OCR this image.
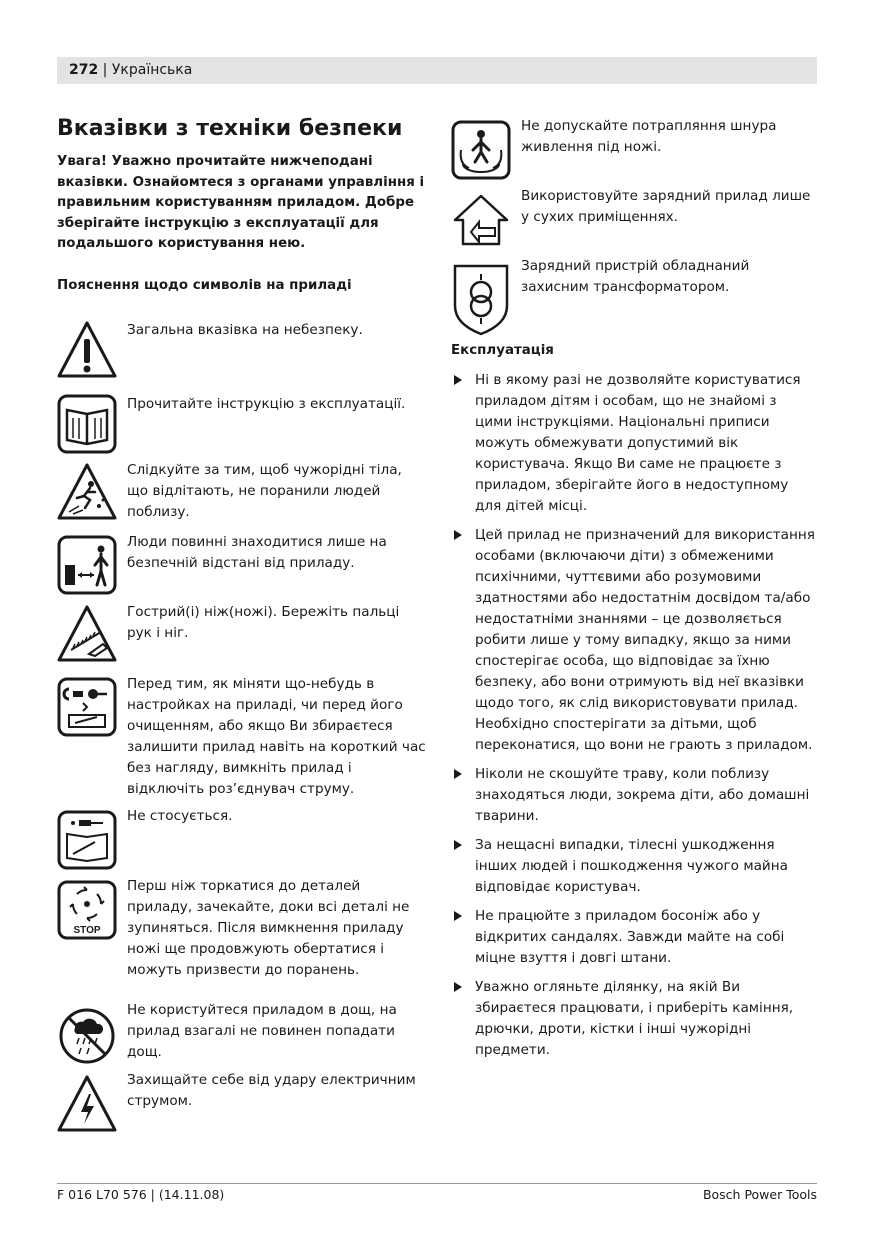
272 | Українська
Вказівки з техніки безпеки

Увага! Уважно прочитайте нижчеподані вказівки. Ознайомтеся з органами управління і правильним користуванням приладом. Добре зберігайте інструкцію з експлуатації для подальшого користування нею.

Пояснення щодо символів на приладі

Загальна вказівка на небезпеку.
Прочитайте інструкцію з експлуатації.
Слідкуйте за тим, щоб чужорідні тіла, що відлітають, не поранили людей поблизу.
Люди повинні знаходитися лише на безпечній відстані від приладу.
Гострий(і) ніж(ножі). Бережіть пальці рук і ніг.
Перед тим, як міняти що-небудь в настройках на приладі, чи перед його очищенням, або якщо Ви збираєтеся залишити прилад навіть на короткий час без нагляду, вимкніть прилад і відключіть роз’єднувач струму.
Не стосується.
STOP
Перш ніж торкатися до деталей приладу, зачекайте, доки всі деталі не зупиняться. Після вимкнення приладу ножі ще продовжують обертатися і можуть призвести до поранень.
Не користуйтеся приладом в дощ, на прилад взагалі не повинен попадати дощ.
Захищайте себе від удару електричним струмом.
Не допускайте потрапляння шнура живлення під ножі.
Використовуйте зарядний прилад лише у сухих приміщеннях.
Зарядний пристрій обладнаний захисним трансформатором.

Експлуатація

Ні в якому разі не дозволяйте користуватися приладом дітям і особам, що не знайомі з цими інструкціями. Національні приписи можуть обмежувати допустимий вік користувача. Якщо Ви саме не працюєте з приладом, зберігайте його в недоступному для дітей місці.
Цей прилад не призначений для використання особами (включаючи діти) з обмеженими психічними, чуттєвими або розумовими здатностями або недостатнім досвідом та/або недостатніми знаннями – це дозволяється робити лише у тому випадку, якщо за ними спостерігає особа, що відповідає за їхню безпеку, або вони отримують від неї вказівки щодо того, як слід використовувати прилад. Необхідно спостерігати за дітьми, щоб переконатися, що вони не грають з приладом.
Ніколи не скошуйте траву, коли поблизу знаходяться люди, зокрема діти, або домашні тварини.
За нещасні випадки, тілесні ушкодження інших людей і пошкодження чужого майна відповідає користувач.
Не працюйте з приладом босоніж або у відкритих сандалях. Завжди майте на собі міцне взуття і довгі штани.
Уважно огляньте ділянку, на якій Ви збираєтеся працювати, і приберіть каміння, дрючки, дроти, кістки і інші чужорідні предмети.
F 016 L70 576 | (14.11.08)	Bosch Power Tools
